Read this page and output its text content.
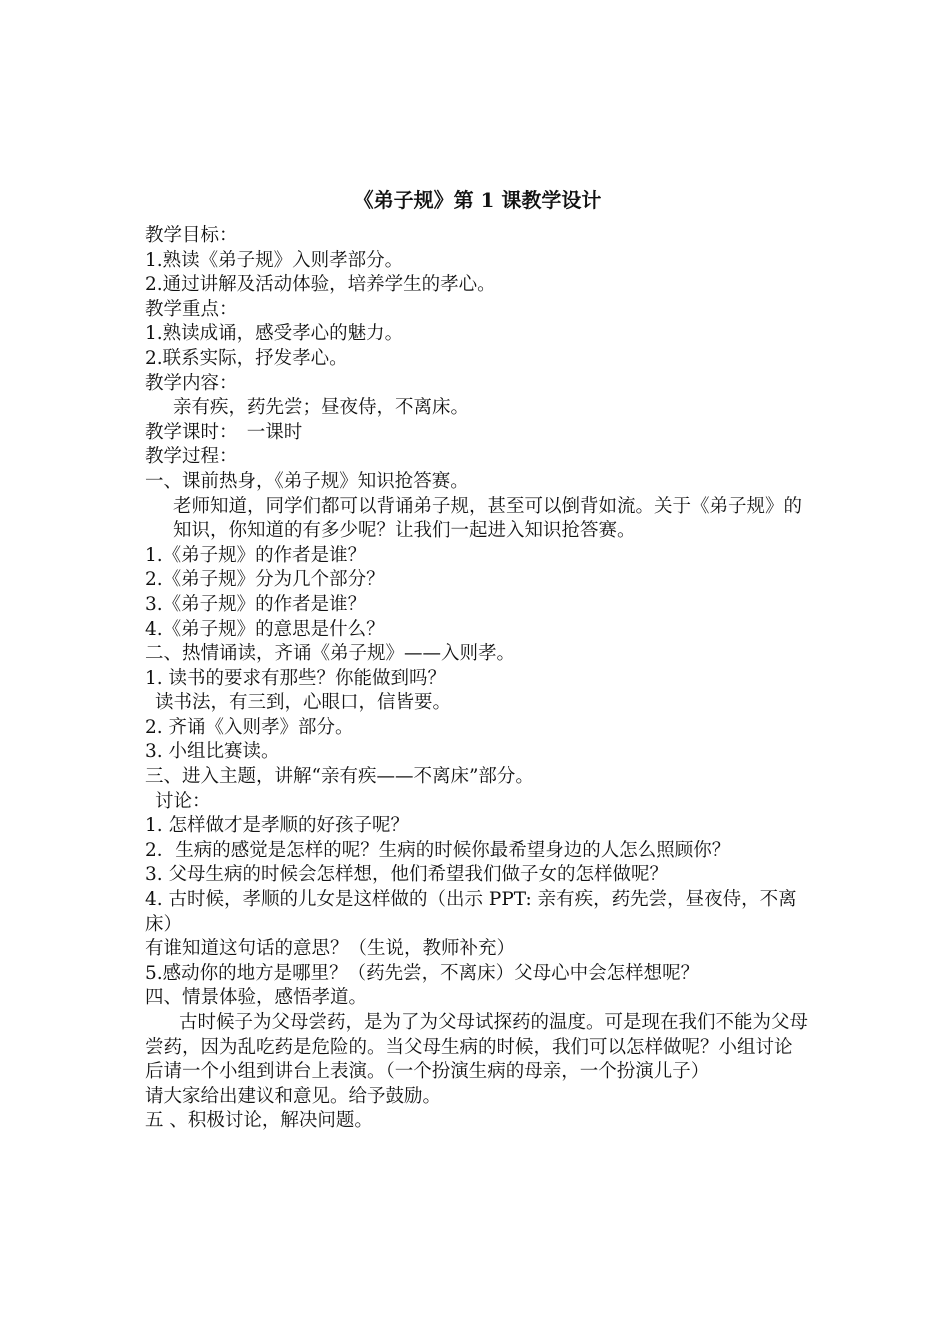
《弟子规》第 1 课教学设计

教学目标：

1.熟读《弟子规》入则孝部分。

2.通过讲解及活动体验，培养学生的孝心。

教学重点：

1.熟读成诵，感受孝心的魅力。

2.联系实际，抒发孝心。

教学内容：

亲有疾，药先尝；昼夜侍，不离床。

教学课时：　一课时

教学过程：

一、课前热身，《弟子规》知识抢答赛。

老师知道，同学们都可以背诵弟子规，甚至可以倒背如流。关于《弟子规》的知识，你知道的有多少呢？让我们一起进入知识抢答赛。

1.《弟子规》的作者是谁？

2.《弟子规》分为几个部分？

3.《弟子规》的作者是谁？

4.《弟子规》的意思是什么？

二、热情诵读，齐诵《弟子规》——入则孝。

1. 读书的要求有那些？你能做到吗？

读书法，有三到，心眼口，信皆要。

2. 齐诵《入则孝》部分。

3. 小组比赛读。

三、进入主题，讲解“亲有疾——不离床”部分。

讨论：

1. 怎样做才是孝顺的好孩子呢？

2．生病的感觉是怎样的呢？生病的时候你最希望身边的人怎么照顾你？

3. 父母生病的时候会怎样想，他们希望我们做子女的怎样做呢？

4. 古时候，孝顺的儿女是这样做的（出示 PPT: 亲有疾，药先尝，昼夜侍，不离床）

有谁知道这句话的意思？（生说，教师补充）

5.感动你的地方是哪里？（药先尝，不离床）父母心中会怎样想呢？

四、情景体验，感悟孝道。

古时候子为父母尝药，是为了为父母试探药的温度。可是现在我们不能为父母尝药，因为乱吃药是危险的。当父母生病的时候，我们可以怎样做呢？小组讨论后请一个小组到讲台上表演。（一个扮演生病的母亲，一个扮演儿子）

请大家给出建议和意见。给予鼓励。

五 、积极讨论，解决问题。
